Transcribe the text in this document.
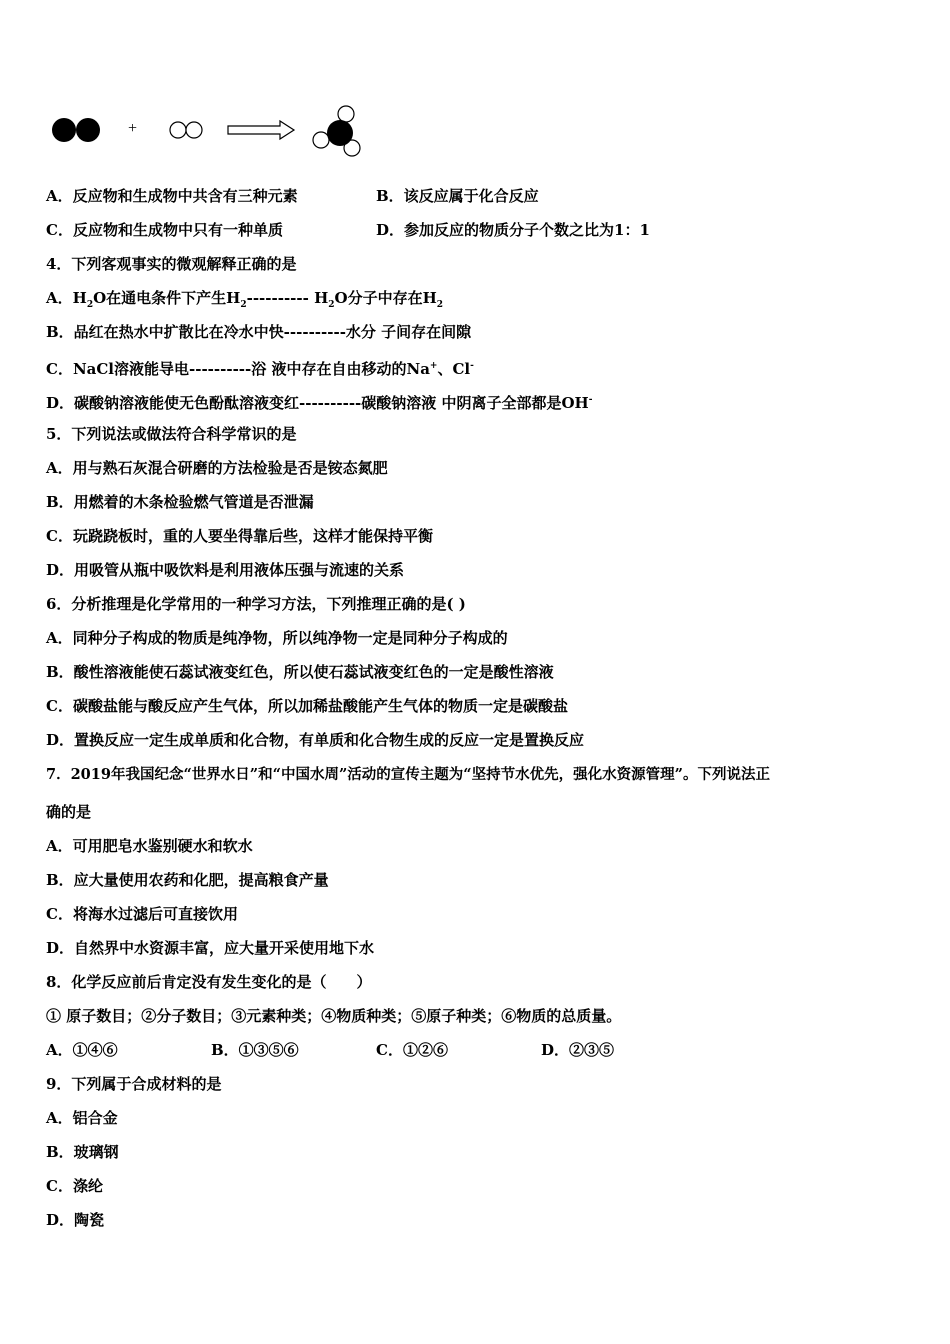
+
A．反应物和生成物中共含有三种元素	B．该反应属于化合反应
C．反应物和生成物中只有一种单质	D．参加反应的物质分子个数之比为1：1
4．下列客观事实的微观解释正确的是
A．$H_2O$在通电条件下产生$H_2----------$ $H_2O$分子中存在$H_2$
B．品红在热水中扩散比在冷水中快----------水分 子间存在间隙
C．NaCl溶液能导电----------浴 液中存在自由移动的Na+、Cl-
D．碳酸钠溶液能使无色酚酞溶液变红----------碳酸钠溶液 中阴离子全部都是OH-
5．下列说法或做法符合科学常识的是
A．用与熟石灰混合研磨的方法检验是否是铵态氮肥
B．用燃着的木条检验燃气管道是否泄漏
C．玩跷跷板时，重的人要坐得靠后些，这样才能保持平衡
D．用吸管从瓶中吸饮料是利用液体压强与流速的关系
6．分析推理是化学常用的一种学习方法，下列推理正确的是( )
A．同种分子构成的物质是纯净物，所以纯净物一定是同种分子构成的
B．酸性溶液能使石蕊试液变红色，所以使石蕊试液变红色的一定是酸性溶液
C．碳酸盐能与酸反应产生气体，所以加稀盐酸能产生气体的物质一定是碳酸盐
D．置换反应一定生成单质和化合物，有单质和化合物生成的反应一定是置换反应
7．2019年我国纪念“世界水日”和“中国水周”活动的宣传主题为“坚持节水优先，强化水资源管理”。下列说法正
确的是
A．可用肥皂水鉴别硬水和软水
B．应大量使用农药和化肥，提高粮食产量
C．将海水过滤后可直接饮用
D．自然界中水资源丰富，应大量开采使用地下水
8．化学反应前后肯定没有发生变化的是（　　）
① 原子数目；②分子数目；③元素种类；④物质种类；⑤原子种类；⑥物质的总质量。
A．①④⑥	B．①③⑤⑥	C．①②⑥	D．②③⑤
9．下列属于合成材料的是
A．铝合金
B．玻璃钢
C．涤纶
D．陶瓷
